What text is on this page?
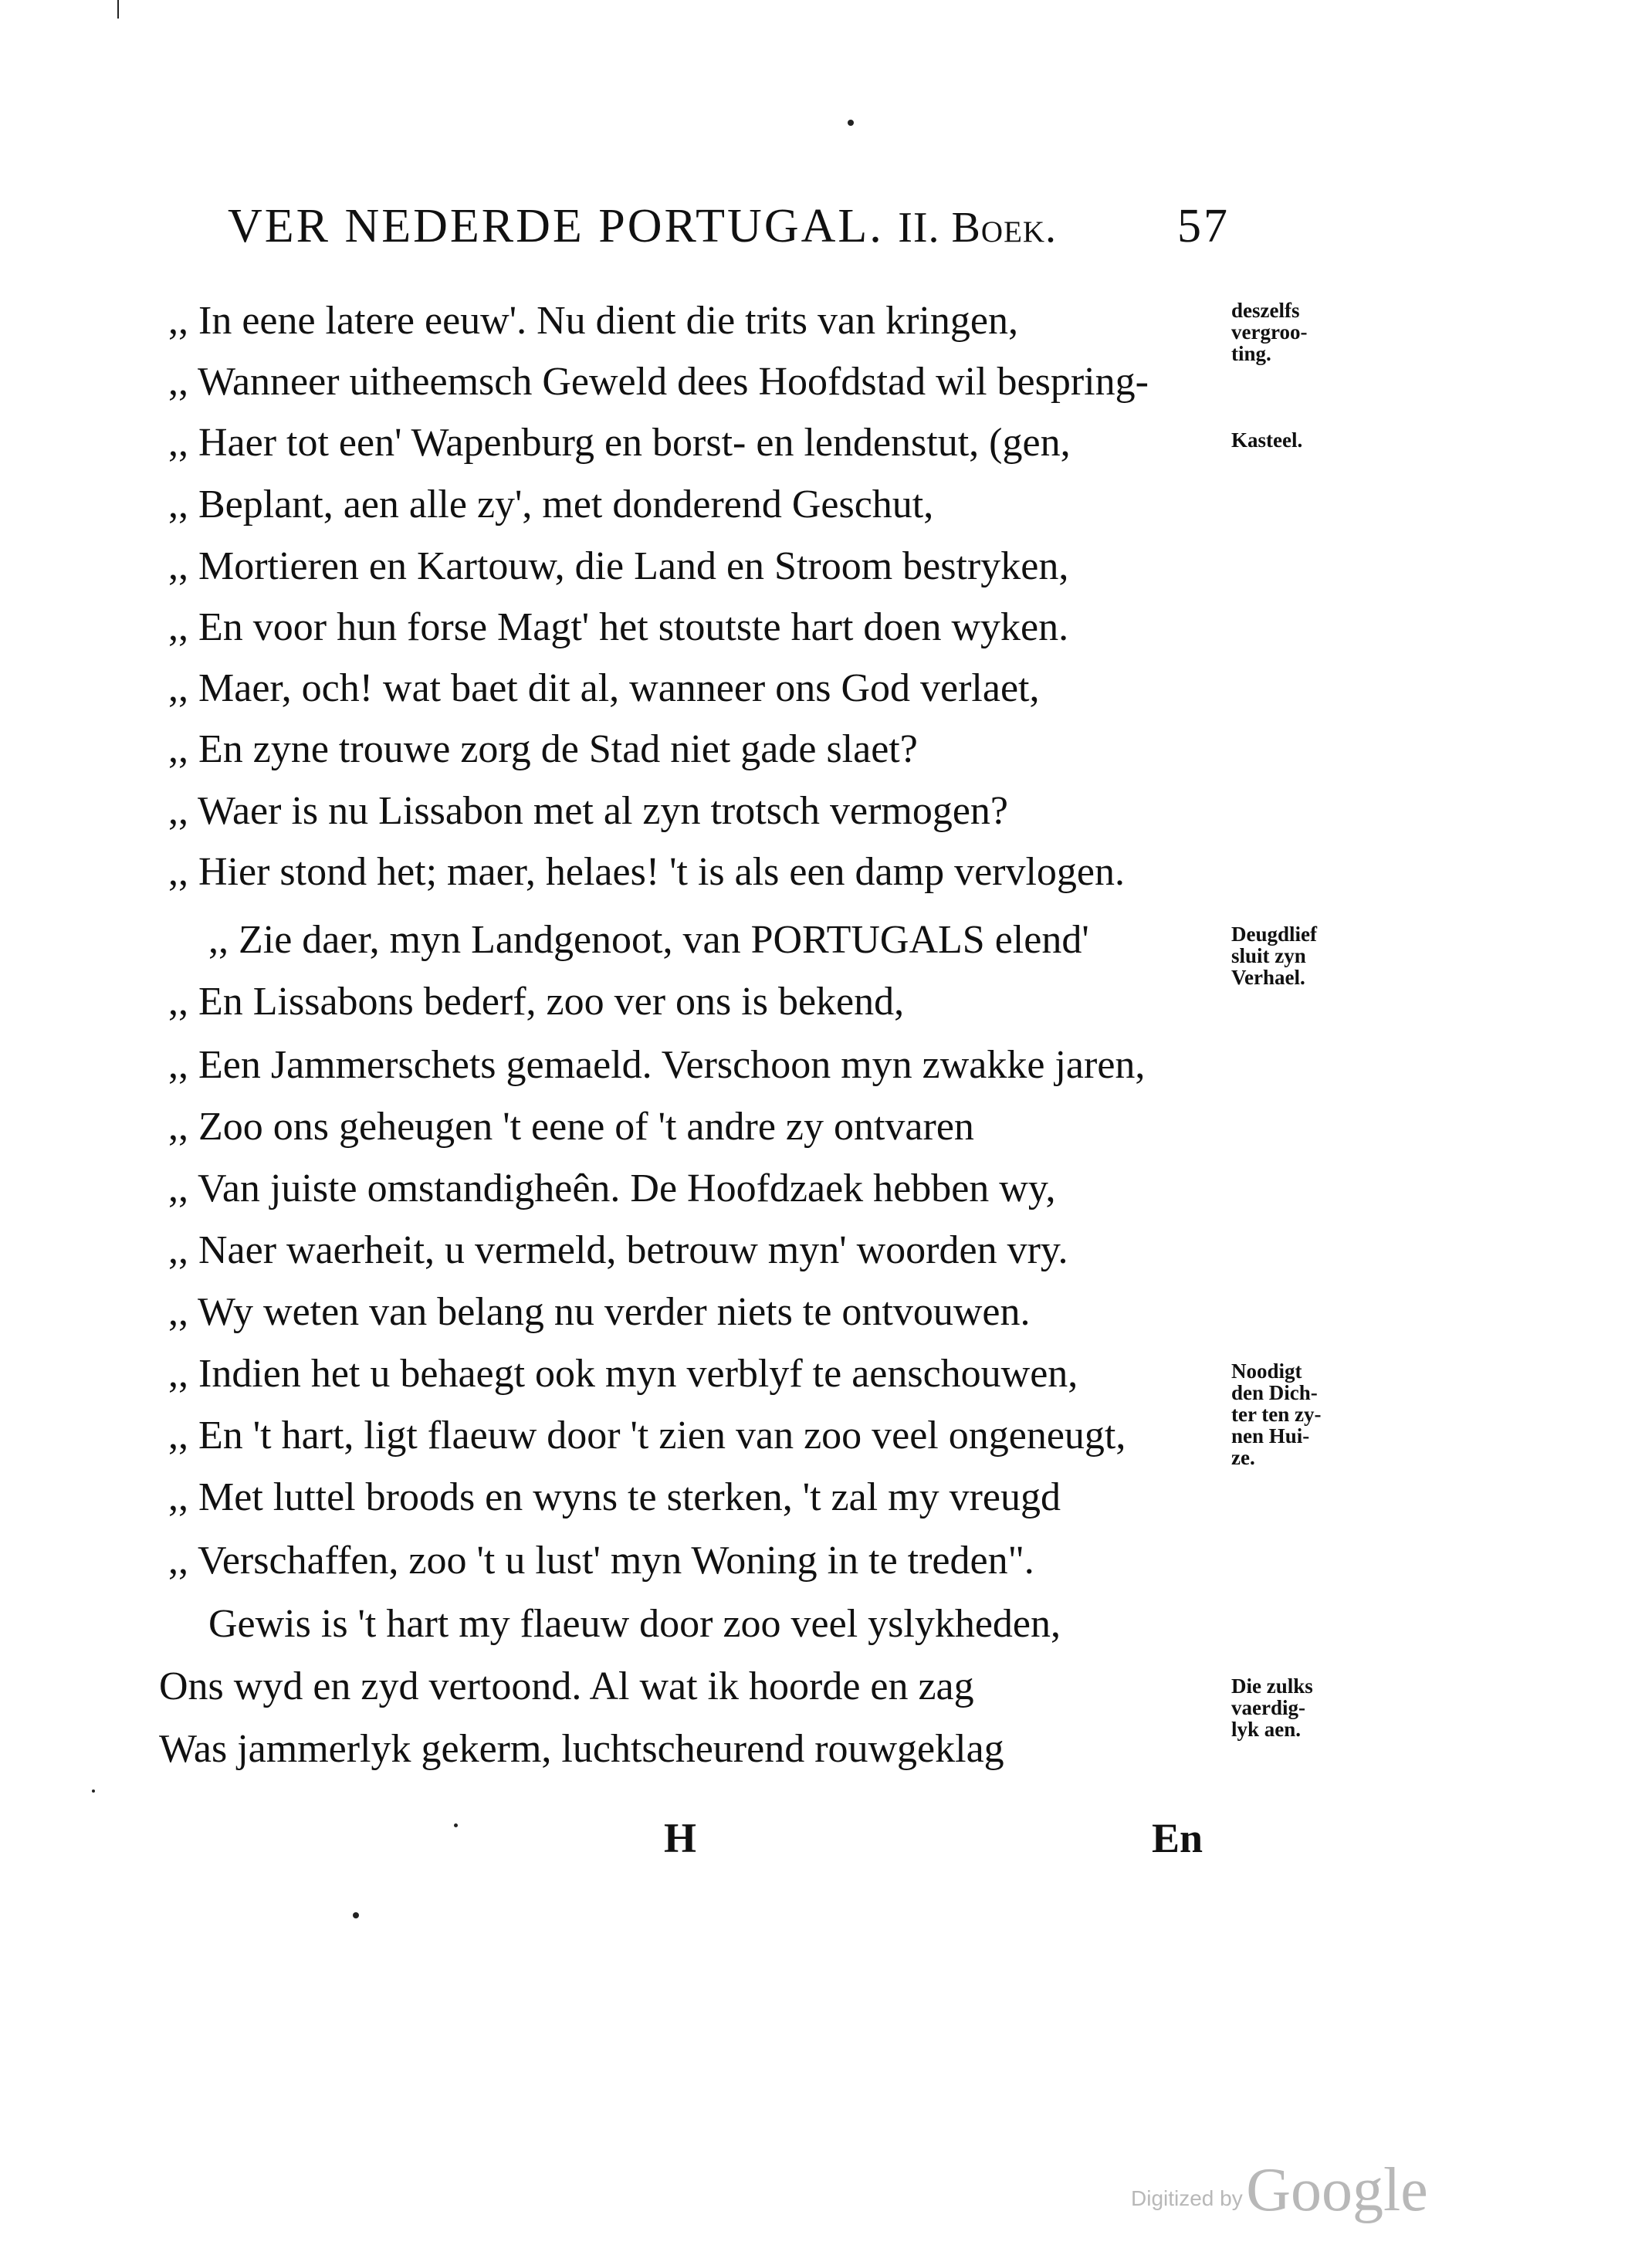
VER NEDERDE PORTUGAL. II. Boek.	57
,, In eene latere eeuw'. Nu dient die trits van kringen,
,, Wanneer uitheemsch Geweld dees Hoofdstad wil bespring-
,, Haer tot een' Wapenburg en borst- en lendenstut, (gen,
,, Beplant, aen alle zy', met donderend Geschut,
,, Mortieren en Kartouw, die Land en Stroom bestryken,
,, En voor hun forse Magt' het stoutste hart doen wyken.
,, Maer, och! wat baet dit al, wanneer ons God verlaet,
,, En zyne trouwe zorg de Stad niet gade slaet?
,, Waer is nu Lissabon met al zyn trotsch vermogen?
,, Hier stond het; maer, helaes! 't is als een damp vervlogen.
,, Zie daer, myn Landgenoot, van PORTUGALS elend'
,, En Lissabons bederf, zoo ver ons is bekend,
,, Een Jammerschets gemaeld. Verschoon myn zwakke jaren,
,, Zoo ons geheugen 't eene of 't andre zy ontvaren
,, Van juiste omstandigheên. De Hoofdzaek hebben wy,
,, Naer waerheit, u vermeld, betrouw myn' woorden vry.
,, Wy weten van belang nu verder niets te ontvouwen.
,, Indien het u behaegt ook myn verblyf te aenschouwen,
,, En 't hart, ligt flaeuw door 't zien van zoo veel ongeneugt,
,, Met luttel broods en wyns te sterken, 't zal my vreugd
,, Verschaffen, zoo 't u lust' myn Woning in te treden".
Gewis is 't hart my flaeuw door zoo veel yslykheden,
Ons wyd en zyd vertoond. Al wat ik hoorde en zag
Was jammerlyk gekerm, luchtscheurend rouwgeklag
deszelfs
vergroo-
ting.
Kasteel.
Deugdlief
sluit zyn
Verhael.
Noodigt
den Dich-
ter ten zy-
nen Hui-
ze.
Die zulks
vaerdig-
lyk aen.
H	En
Digitized by Google
